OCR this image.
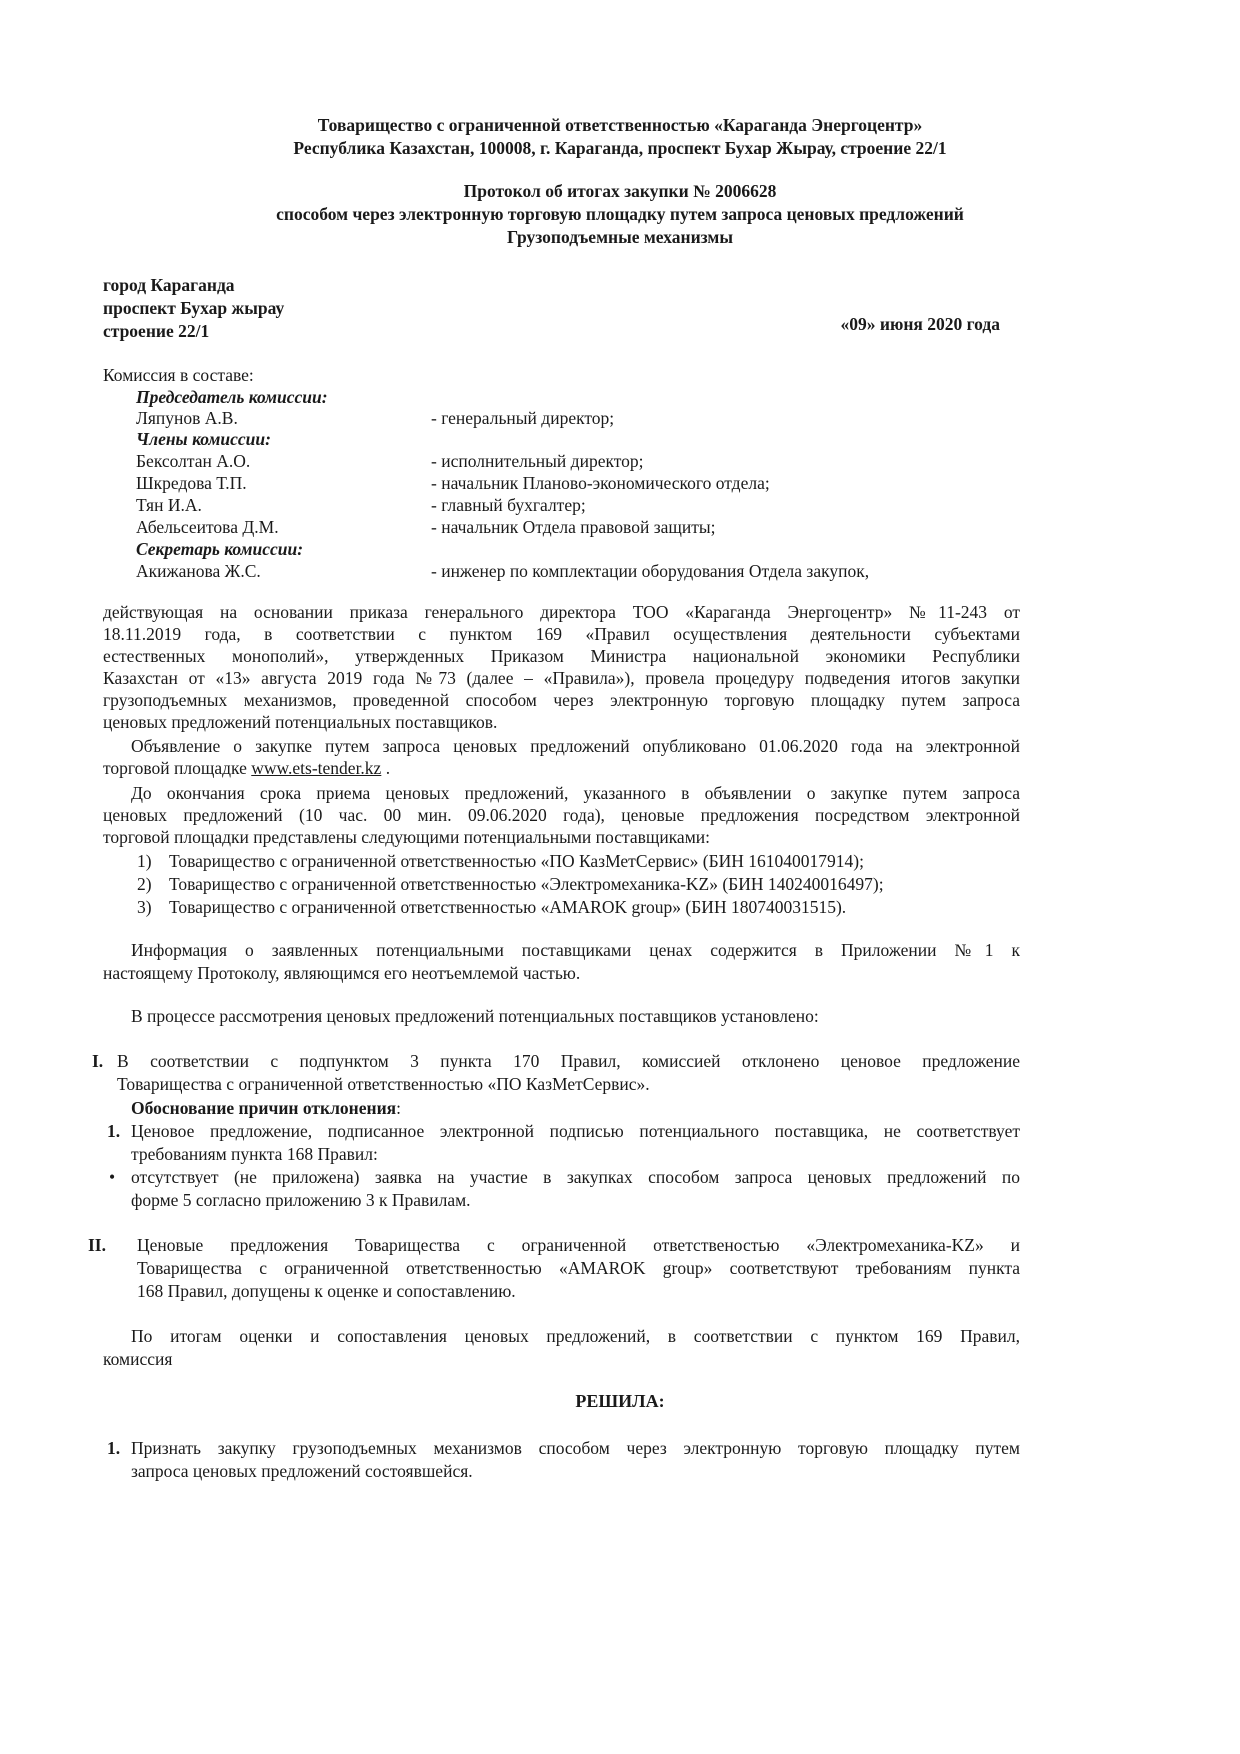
Товарищество с ограниченной ответственностью «Караганда Энергоцентр»
Республика Казахстан, 100008, г. Караганда, проспект Бухар Жырау, строение 22/1
Протокол об итогах закупки № 2006628
способом через электронную торговую площадку путем запроса ценовых предложений
Грузоподъемные механизмы
город Караганда
проспект Бухар жырау
строение 22/1	«09» июня 2020 года
Комиссия в составе:
Председатель комиссии:
Ляпунов А.В.	- генеральный директор;
Члены комиссии:
Бексолтан А.О.	- исполнительный директор;
Шкредова Т.П.	- начальник Планово-экономического отдела;
Тян И.А.	- главный бухгалтер;
Абельсеитова Д.М.	- начальник Отдела правовой защиты;
Секретарь комиссии:
Акижанова Ж.С.	- инженер по комплектации оборудования Отдела закупок,
действующая на основании приказа генерального директора ТОО «Караганда Энергоцентр» №11-243 от
18.11.2019 года, в соответствии с пунктом 169 «Правил осуществления деятельности субъектами
естественных монополий», утвержденных Приказом Министра национальной экономики Республики
Казахстан от «13» августа 2019 года №73 (далее – «Правила»), провела процедуру подведения итогов закупки
грузоподъемных механизмов, проведенной способом через электронную торговую площадку путем запроса
ценовых предложений потенциальных поставщиков.
Объявление о закупке путем запроса ценовых предложений опубликовано 01.06.2020 года на электронной
торговой площадке www.ets-tender.kz .
До окончания срока приема ценовых предложений, указанного в объявлении о закупке путем запроса
ценовых предложений (10 час. 00 мин. 09.06.2020 года), ценовые предложения посредством электронной
торговой площадки представлены следующими потенциальными поставщиками:
1) Товарищество с ограниченной ответственностью «ПО КазМетСервис» (БИН 161040017914);
2) Товарищество с ограниченной ответственностью «Электромеханика-KZ» (БИН 140240016497);
3) Товарищество с ограниченной ответственностью «AMAROK group» (БИН 180740031515).
Информация о заявленных потенциальными поставщиками ценах содержится в Приложении №1 к
настоящему Протоколу, являющимся его неотъемлемой частью.
В процессе рассмотрения ценовых предложений потенциальных поставщиков установлено:
I. В соответствии с подпунктом 3 пункта 170 Правил, комиссией отклонено ценовое предложение
Товарищества с ограниченной ответственностью «ПО КазМетСервис».
Обоснование причин отклонения:
1. Ценовое предложение, подписанное электронной подписью потенциального поставщика, не соответствует
требованиям пункта 168 Правил:
• отсутствует (не приложена) заявка на участие в закупках способом запроса ценовых предложений по
форме 5 согласно приложению 3 к Правилам.
II. Ценовые предложения Товарищества с ограниченной ответственостью «Электромеханика-KZ» и
Товарищества с ограниченной ответственностью «AMAROK group» соответствуют требованиям пункта
168 Правил, допущены к оценке и сопоставлению.
По итогам оценки и сопоставления ценовых предложений, в соответствии с пунктом 169 Правил,
комиссия
РЕШИЛА:
1. Признать закупку грузоподъемных механизмов способом через электронную торговую площадку путем
запроса ценовых предложений состоявшейся.
